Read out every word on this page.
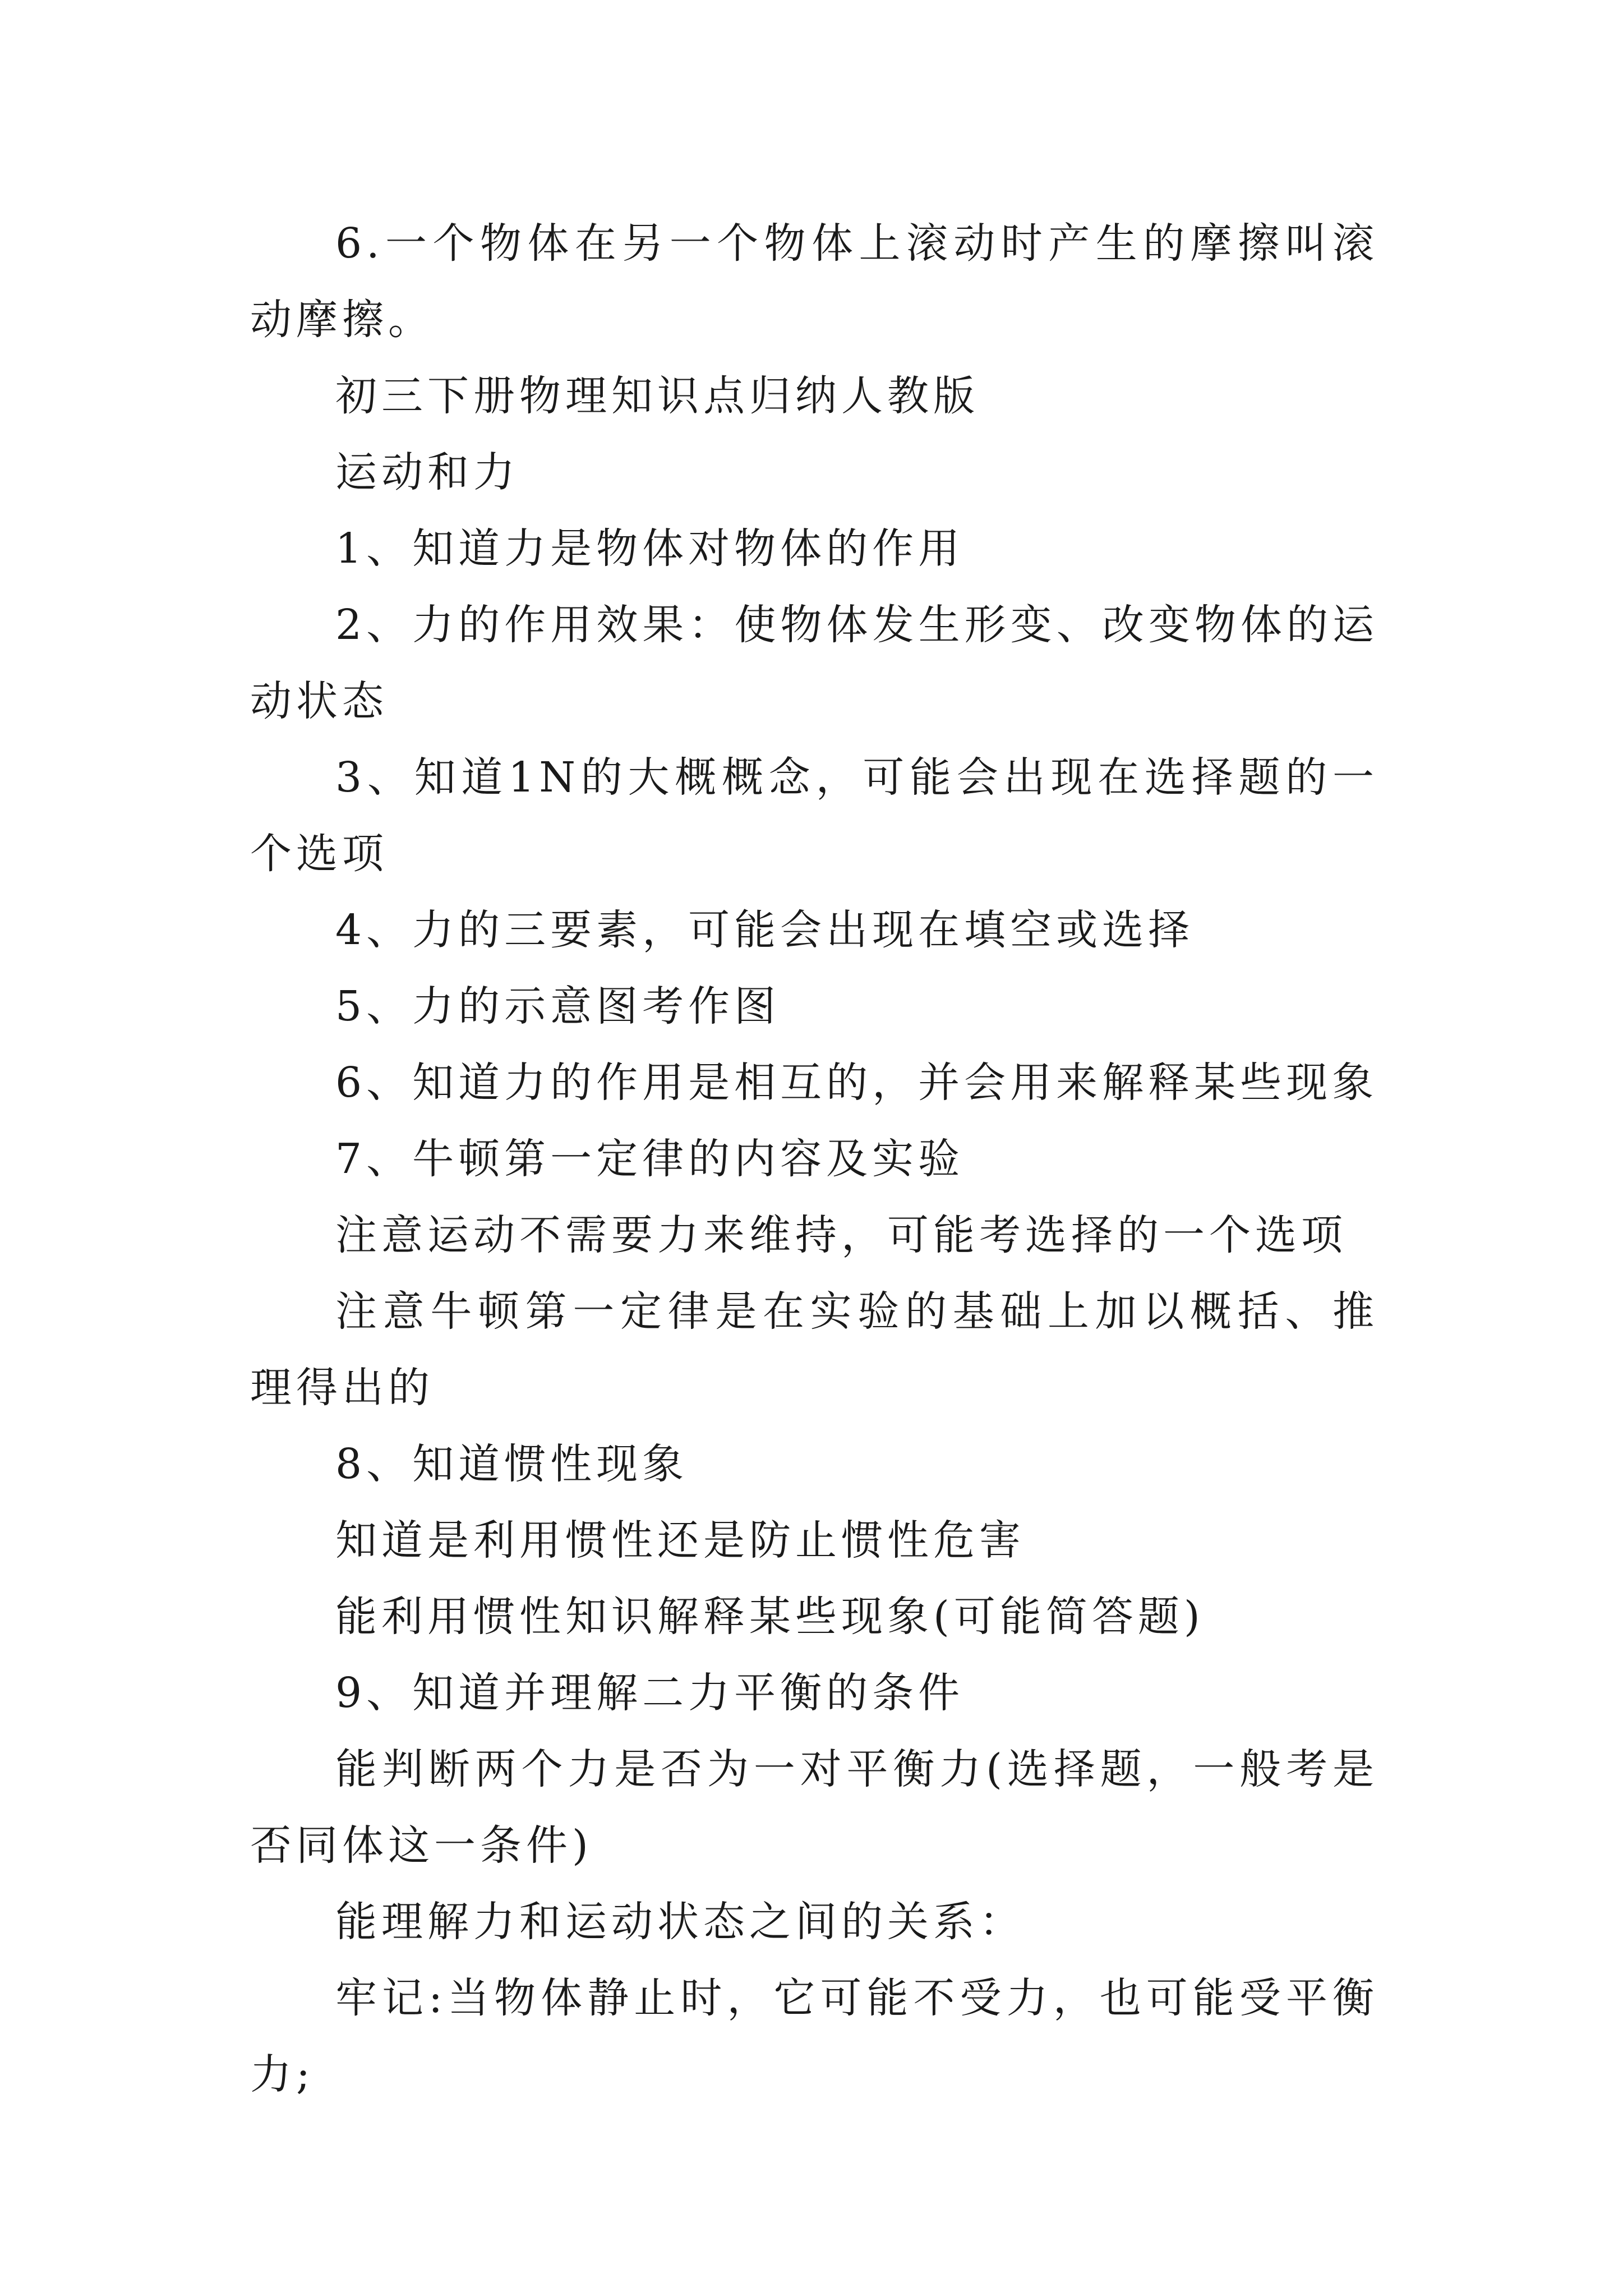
6.一个物体在另一个物体上滚动时产生的摩擦叫滚动摩擦。

初三下册物理知识点归纳人教版

运动和力

1、知道力是物体对物体的作用

2、力的作用效果：使物体发生形变、改变物体的运动状态

3、知道1N的大概概念，可能会出现在选择题的一个选项

4、力的三要素，可能会出现在填空或选择

5、力的示意图考作图

6、知道力的作用是相互的，并会用来解释某些现象

7、牛顿第一定律的内容及实验

注意运动不需要力来维持，可能考选择的一个选项

注意牛顿第一定律是在实验的基础上加以概括、推理得出的

8、知道惯性现象

知道是利用惯性还是防止惯性危害

能利用惯性知识解释某些现象(可能简答题)

9、知道并理解二力平衡的条件

能判断两个力是否为一对平衡力(选择题，一般考是否同体这一条件)

能理解力和运动状态之间的关系：

牢记:当物体静止时，它可能不受力，也可能受平衡力;
